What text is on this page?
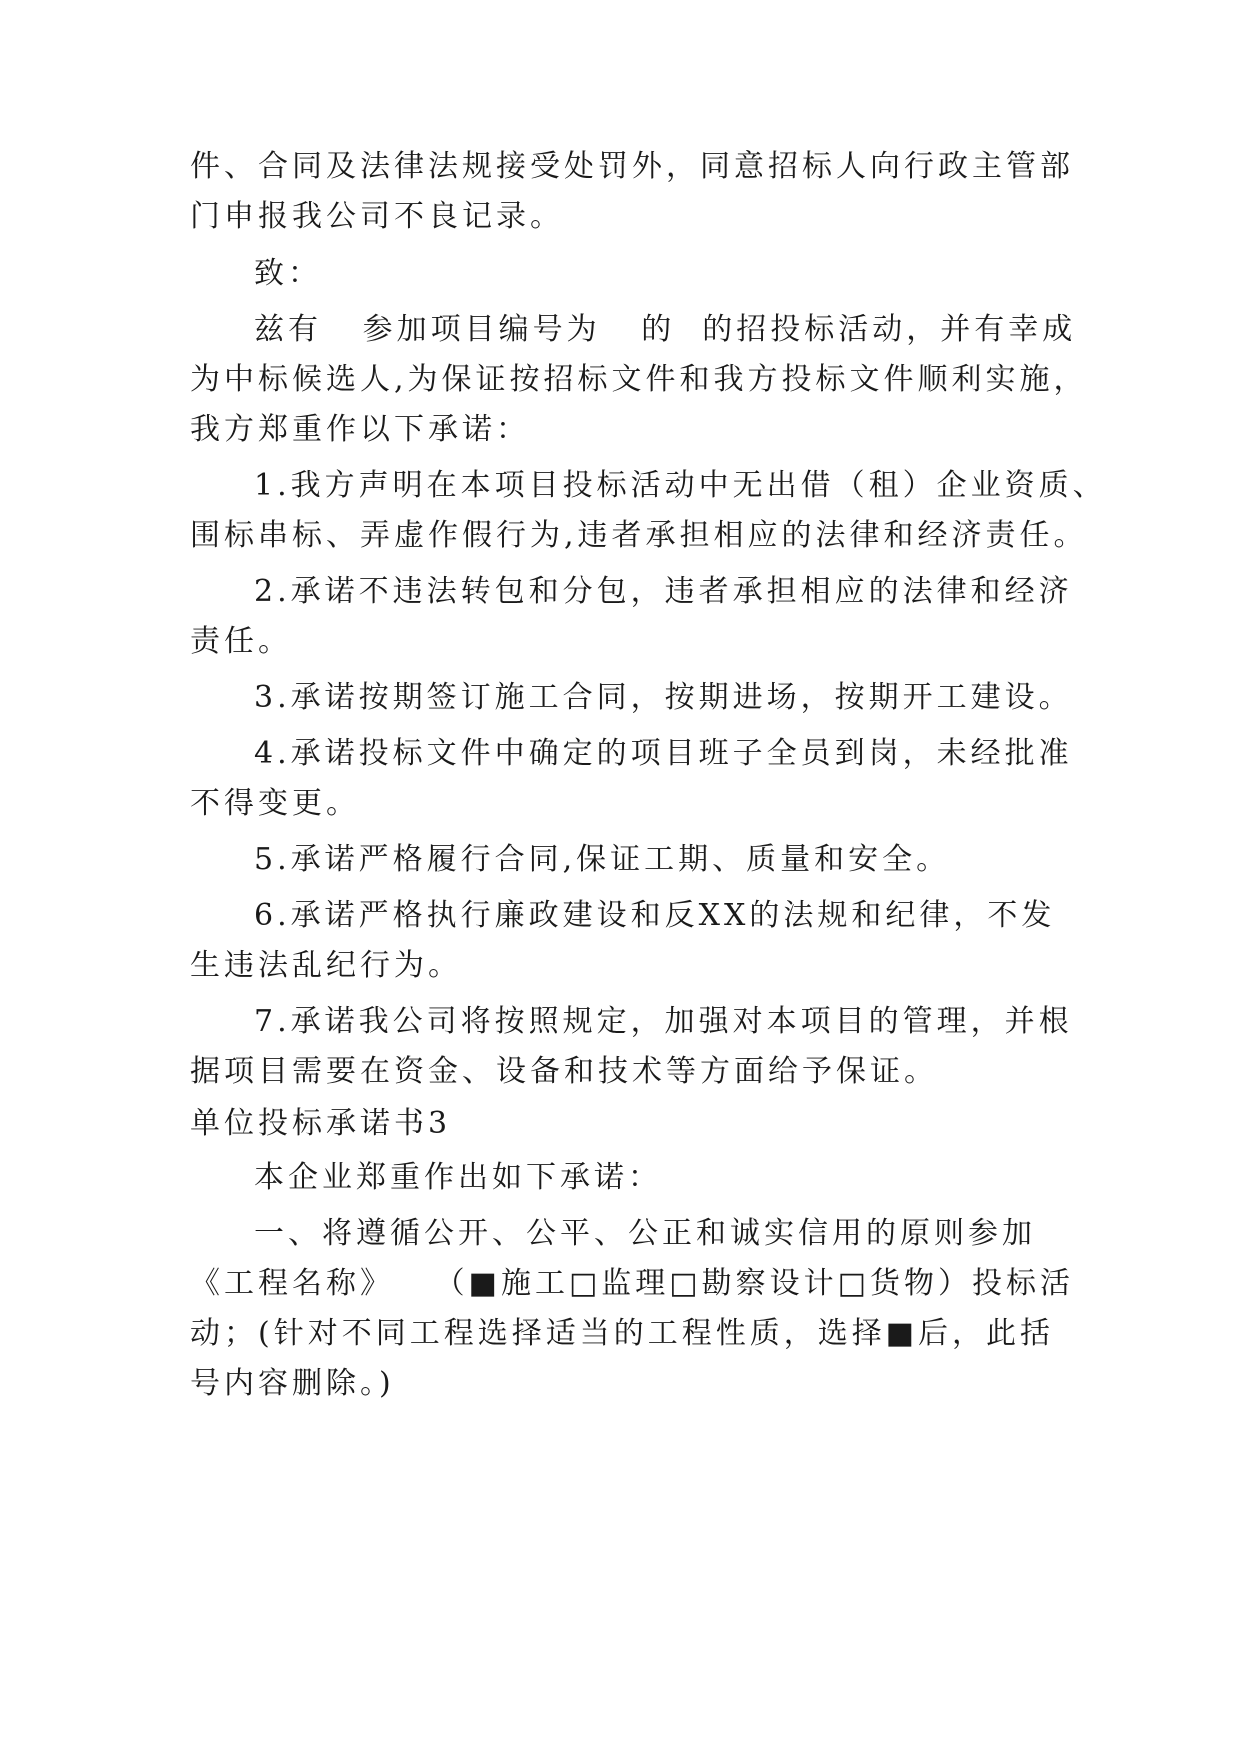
件、合同及法律法规接受处罚外，同意招标人向行政主管部
门申报我公司不良记录。
致：
兹有   参加项目编号为   的  的招投标活动，并有幸成
为中标候选人,为保证按招标文件和我方投标文件顺利实施，
我方郑重作以下承诺：
1.我方声明在本项目投标活动中无出借（租）企业资质、
围标串标、弄虚作假行为,违者承担相应的法律和经济责任。
2.承诺不违法转包和分包，违者承担相应的法律和经济
责任。
3.承诺按期签订施工合同，按期进场，按期开工建设。
4.承诺投标文件中确定的项目班子全员到岗，未经批准
不得变更。
5.承诺严格履行合同,保证工期、质量和安全。
6.承诺严格执行廉政建设和反XX的法规和纪律，不发
生违法乱纪行为。
7.承诺我公司将按照规定，加强对本项目的管理，并根
据项目需要在资金、设备和技术等方面给予保证。
单位投标承诺书3
本企业郑重作出如下承诺：
一、将遵循公开、公平、公正和诚实信用的原则参加
《工程名称》   （■施工□监理□勘察设计□货物）投标活
动；(针对不同工程选择适当的工程性质，选择■后，此括
号内容删除。)
